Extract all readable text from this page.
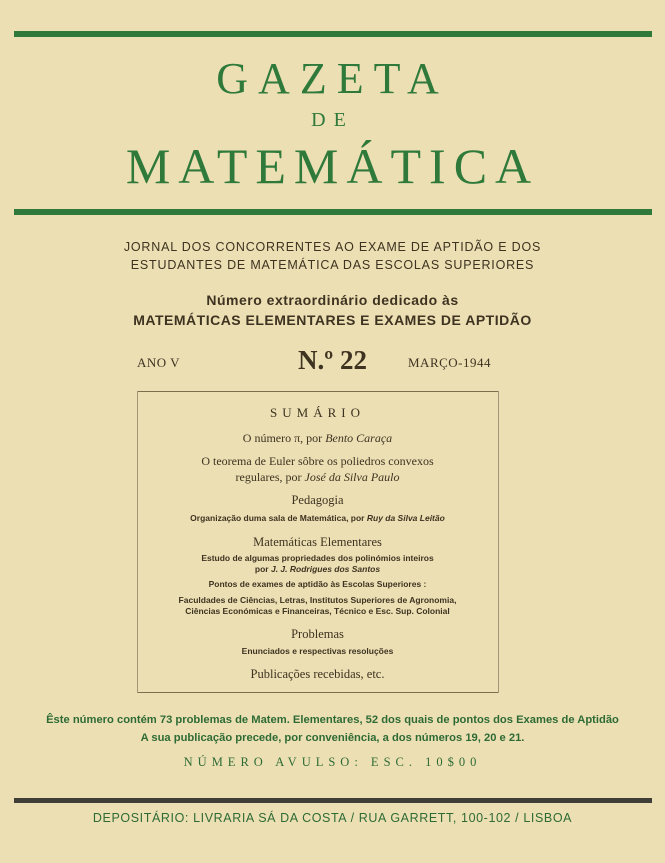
GAZETA
DE
MATEMÁTICA
JORNAL DOS CONCORRENTES AO EXAME DE APTIDÃO E DOS
ESTUDANTES DE MATEMÁTICA DAS ESCOLAS SUPERIORES
Número extraordinário dedicado às
MATEMÁTICAS ELEMENTARES E EXAMES DE APTIDÃO
ANO V	N.º 22	MARÇO-1944
SUMÁRIO
O número π, por Bento Caraça
O teorema de Euler sôbre os poliedros convexos
regulares, por José da Silva Paulo
Pedagogia
Organização duma sala de Matemática, por Ruy da Silva Leitão
Matemáticas Elementares
Estudo de algumas propriedades dos polinómios inteiros
por J. J. Rodrigues dos Santos
Pontos de exames de aptidão às Escolas Superiores :
Faculdades de Ciências, Letras, Institutos Superiores de Agronomia,
Ciências Económicas e Financeiras, Técnico e Esc. Sup. Colonial
Problemas
Enunciados e respectivas resoluções
Publicações recebidas, etc.
Êste número contém 73 problemas de Matem. Elementares, 52 dos quais de pontos dos Exames de Aptidão
A sua publicação precede, por conveniência, a dos números 19, 20 e 21.
NÚMERO AVULSO: ESC. 10$00
DEPOSITÁRIO: LIVRARIA SÁ DA COSTA / RUA GARRETT, 100-102 / LISBOA
